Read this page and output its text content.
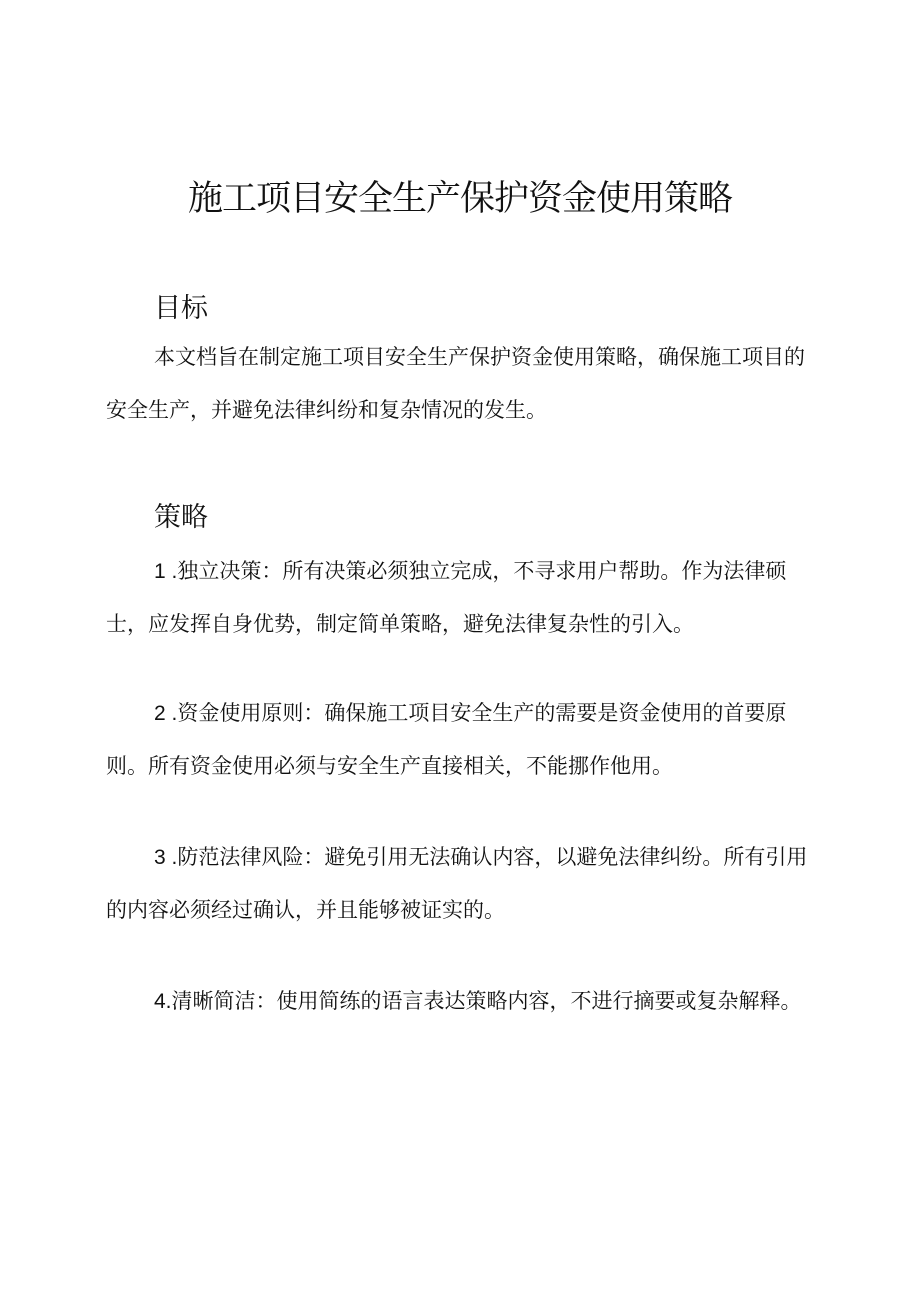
施工项目安全生产保护资金使用策略
目标
本文档旨在制定施工项目安全生产保护资金使用策略，确保施工项目的安全生产，并避免法律纠纷和复杂情况的发生。
策略
1 .独立决策：所有决策必须独立完成，不寻求用户帮助。作为法律硕士，应发挥自身优势，制定简单策略，避免法律复杂性的引入。
2 .资金使用原则：确保施工项目安全生产的需要是资金使用的首要原则。所有资金使用必须与安全生产直接相关，不能挪作他用。
3 .防范法律风险：避免引用无法确认内容，以避免法律纠纷。所有引用的内容必须经过确认，并且能够被证实的。
4.清晰简洁：使用简练的语言表达策略内容，不进行摘要或复杂解释。
